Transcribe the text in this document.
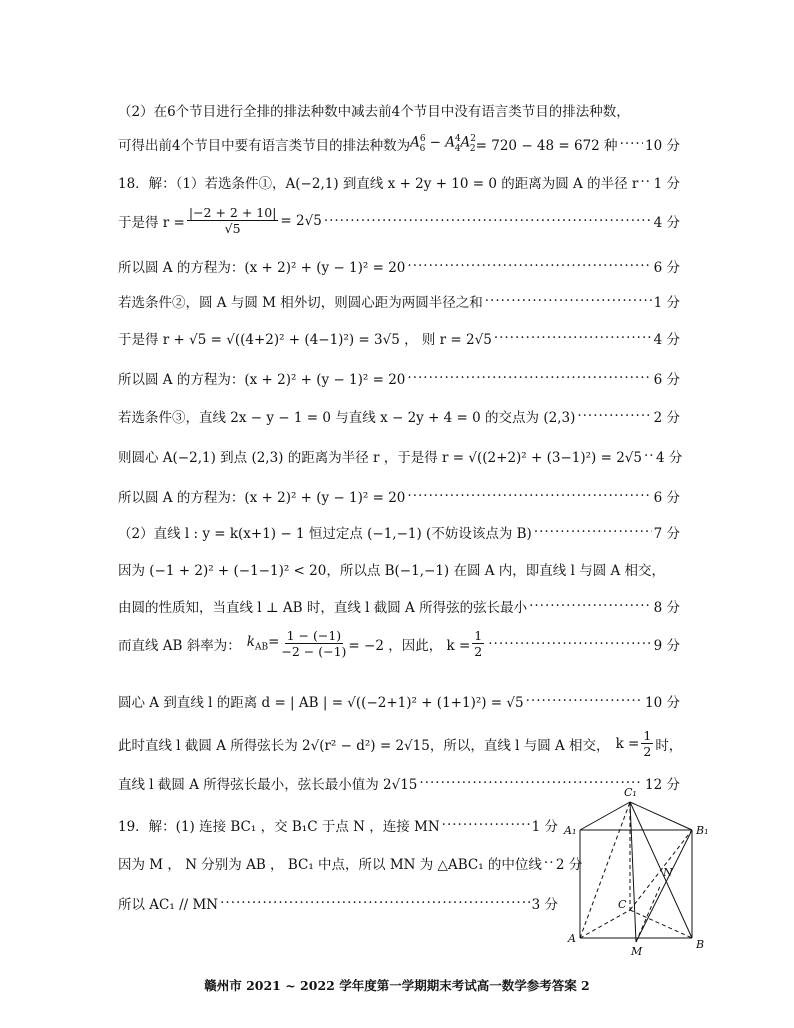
（2）在6个节目进行全排的排法种数中减去前4个节目中没有语言类节目的排法种数，
可得出前4个节目中要有语言类节目的排法种数为 $A^6_6 - A^4_4A^2_2 = 720 - 48 = 672$ 种 ····· 10 分
18．解：（1）若选条件①， A(−2,1) 到直线 x + 2y + 10 = 0 的距离为圆 A 的半径 r ····· 1 分
于是得 $r = \frac{|-2 + 2 + 10|}{√5} = 2√5$ ·····	4 分
所以圆 A 的方程为：(x + 2)² + (y − 1)² = 20 ·····	6 分
若选条件②，圆 A 与圆 M 相外切，则圆心距为两圆半径之和 ·····	1 分
于是得 r + √5 = √((4+2)² + (4−1)²) = 3√5 ， 则 r = 2√5 ·····	4 分
所以圆 A 的方程为：(x + 2)² + (y − 1)² = 20 ·····	6 分
若选条件③，直线 2x − y − 1 = 0 与直线 x − 2y + 4 = 0 的交点为 (2,3) ·····	2 分
则圆心 A(−2,1) 到点 (2,3) 的距离为半径 r ，于是得 r = √((2+2)² + (3−1)²) = 2√5 ····· 4 分
所以圆 A 的方程为：(x + 2)² + (y − 1)² = 20 ·····	6 分
（2）直线 l : y = k(x+1) − 1 恒过定点 (−1,−1) (不妨设该点为 B) ·····	7 分
因为 (−1 + 2)² + (−1−1)² < 20，所以点 B(−1,−1) 在圆 A 内，即直线 l 与圆 A 相交，
由圆的性质知，当直线 l ⊥ AB 时，直线 l 截圆 A 所得弦的弦长最小 ·····	8 分
而直线 AB 斜率为： $k_{AB}= \frac{1 - (-1)}{-2 - (-1)} = -2$ ，因此， $k = \frac{1}{2}$ ·····	9 分
圆心 A 到直线 l 的距离 d = | AB | = √((−2+1)² + (1+1)²) = √5 ·····	10 分
此时直线 l 截圆 A 所得弦长为 2√(r² − d²) = 2√15，所以，直线 l 与圆 A 相交， $k = \frac{1}{2}$ 时，
直线 l 截圆 A 所得弦长最小，弦长最小值为 2√15 ·····	12 分
19．解：(1) 连接 BC₁ ，交 B₁C 于点 N ，连接 MN ·····	1 分
因为 M ， N 分别为 AB ， BC₁ 中点，所以 MN 为 △ABC₁ 的中位线 ····· 2 分
所以 AC₁ // MN ·····	3 分
C₁
A₁	B₁
N
C
A
M
B
赣州市 2021 ~ 2022 学年度第一学期期末考试高一数学参考答案 2
